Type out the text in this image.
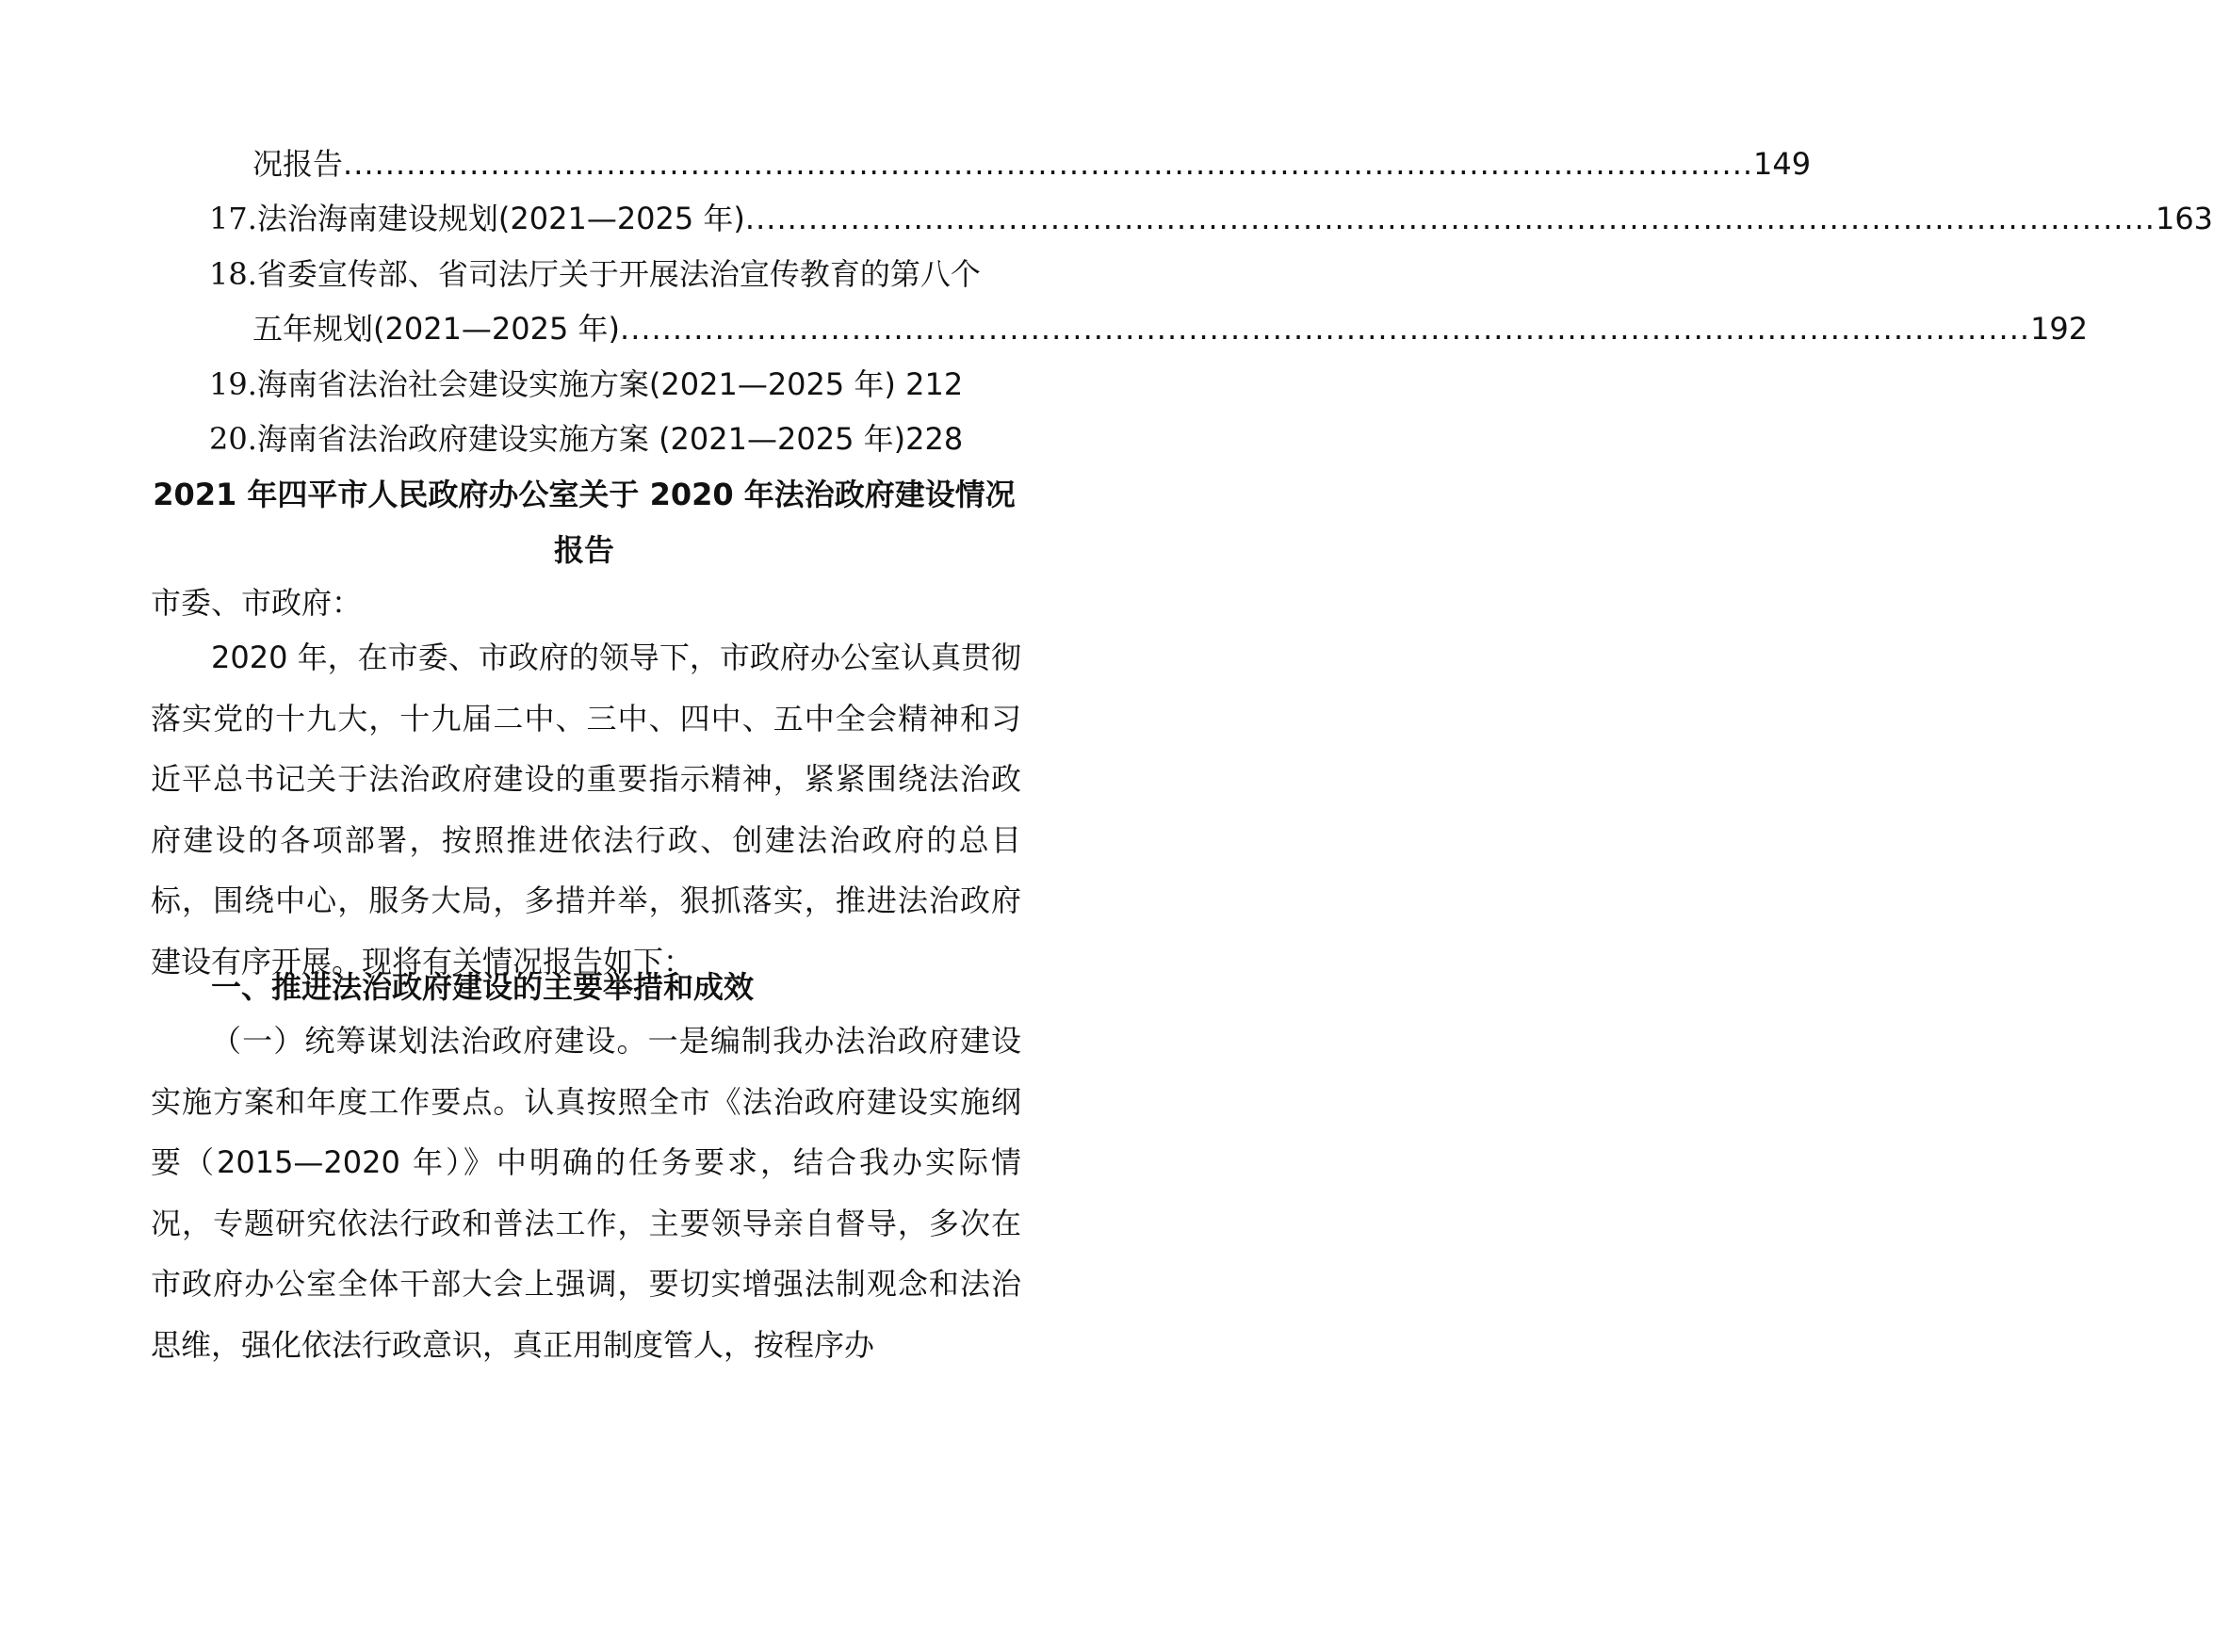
况报告 ...................................................................................................................................... 149
17. 法治海南建设规划(2021—2025 年) ...................................................................................................................................... 163
18.省委宣传部、省司法厅关于开展法治宣传教育的第八个
五年规划(2021—2025 年) ...................................................................................................................................... 192
19.海南省法治社会建设实施方案(2021—2025 年) 212
20.海南省法治政府建设实施方案 (2021—2025 年)228
2021 年四平市人民政府办公室关于 2020 年法治政府建设情况
报告
市委、市政府：
2020 年，在市委、市政府的领导下，市政府办公室认真贯彻落实党的十九大，十九届二中、三中、四中、五中全会精神和习近平总书记关于法治政府建设的重要指示精神，紧紧围绕法治政府建设的各项部署，按照推进依法行政、创建法治政府的总目标，围绕中心，服务大局，多措并举，狠抓落实，推进法治政府建设有序开展。现将有关情况报告如下：
一、推进法治政府建设的主要举措和成效
（一）统筹谋划法治政府建设。一是编制我办法治政府建设实施方案和年度工作要点。认真按照全市《法治政府建设实施纲要（2015—2020 年）》中明确的任务要求，结合我办实际情况，专题研究依法行政和普法工作，主要领导亲自督导，多次在市政府办公室全体干部大会上强调，要切实增强法制观念和法治思维，强化依法行政意识，真正用制度管人，按程序办
